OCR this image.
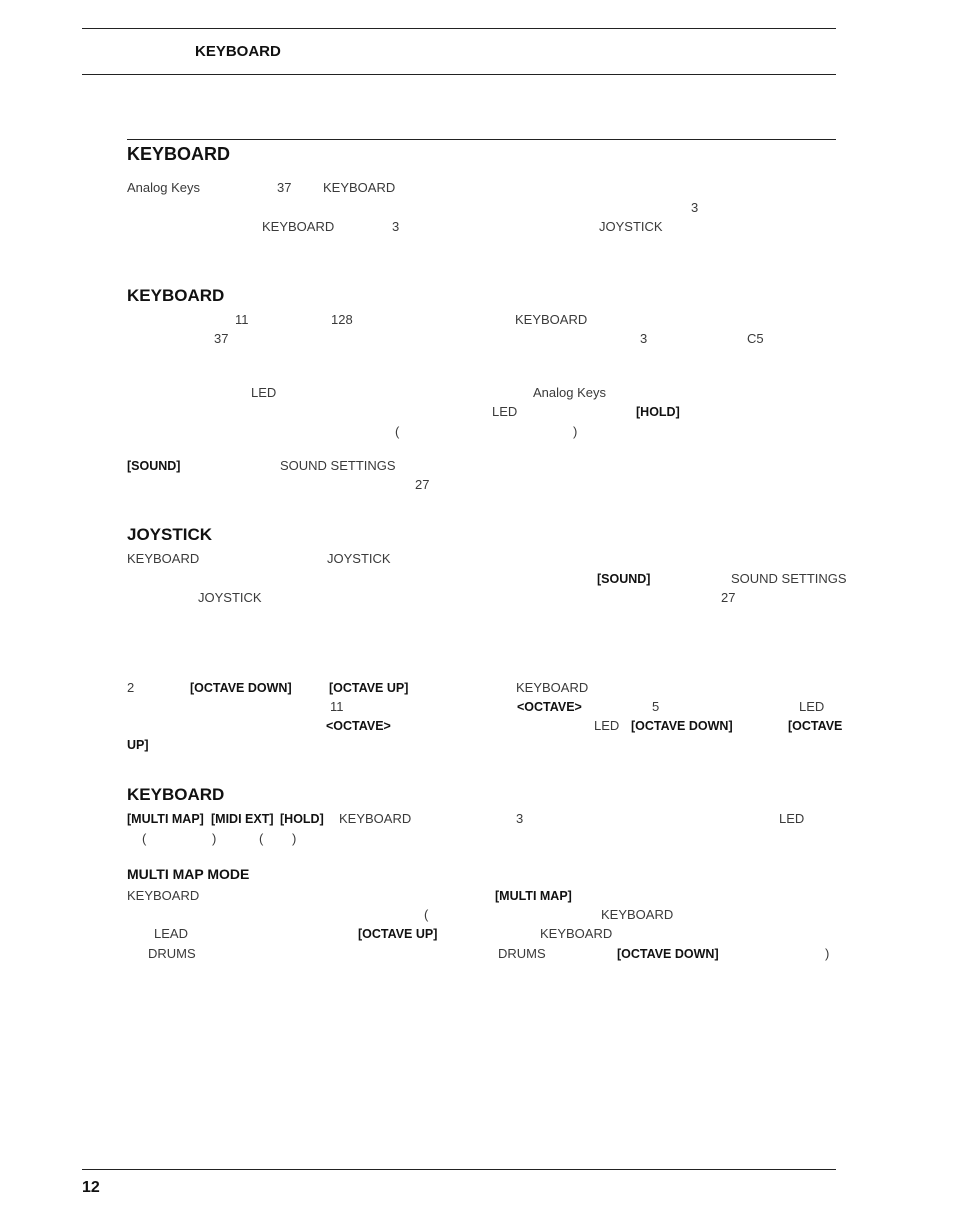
KEYBOARD
KEYBOARD
Analog Keys	37 KEYBOARD
3
KEYBOARD	3	JOYSTICK
KEYBOARD
11	128	KEYBOARD
37	3	C5
LED	Analog Keys
LED	[HOLD]
(	)
[SOUND]	SOUND SETTINGS
27
JOYSTICK
KEYBOARD	JOYSTICK
[SOUND]	SOUND SETTINGS
JOYSTICK	27
2	[OCTAVE DOWN]	[OCTAVE UP]	KEYBOARD
11	<OCTAVE>	5	LED
<OCTAVE>	LED [OCTAVE DOWN]	[OCTAVE
UP]
KEYBOARD
[MULTI MAP] [MIDI EXT] [HOLD] KEYBOARD	3	LED
(	)	( )
MULTI MAP MODE
KEYBOARD	[MULTI MAP]
(	KEYBOARD
LEAD	[OCTAVE UP]	KEYBOARD
DRUMS	DRUMS	[OCTAVE DOWN]	)
12
